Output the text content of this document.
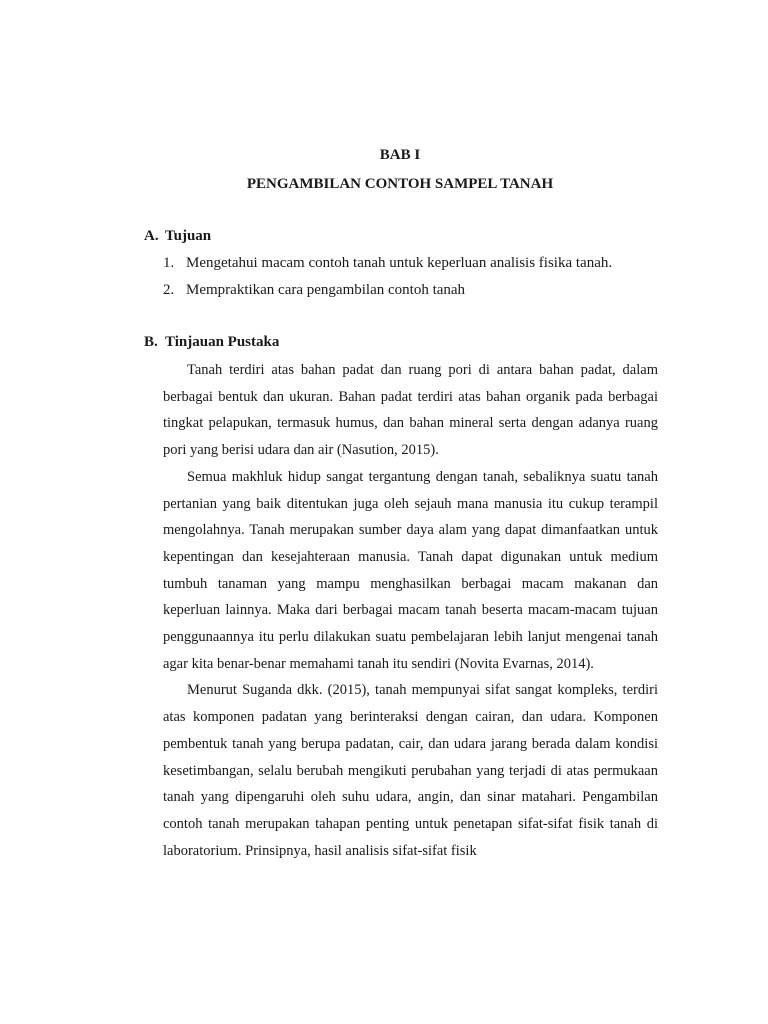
BAB I
PENGAMBILAN CONTOH SAMPEL TANAH
A. Tujuan
1. Mengetahui macam contoh tanah untuk keperluan analisis fisika tanah.
2. Mempraktikan cara pengambilan contoh tanah
B. Tinjauan Pustaka

Tanah terdiri atas bahan padat dan ruang pori di antara bahan padat, dalam berbagai bentuk dan ukuran. Bahan padat terdiri atas bahan organik pada berbagai tingkat pelapukan, termasuk humus, dan bahan mineral serta dengan adanya ruang pori yang berisi udara dan air (Nasution, 2015).

Semua makhluk hidup sangat tergantung dengan tanah, sebaliknya suatu tanah pertanian yang baik ditentukan juga oleh sejauh mana manusia itu cukup terampil mengolahnya. Tanah merupakan sumber daya alam yang dapat dimanfaatkan untuk kepentingan dan kesejahteraan manusia. Tanah dapat digunakan untuk medium tumbuh tanaman yang mampu menghasilkan berbagai macam makanan dan keperluan lainnya. Maka dari berbagai macam tanah beserta macam-macam tujuan penggunaannya itu perlu dilakukan suatu pembelajaran lebih lanjut mengenai tanah agar kita benar-benar memahami tanah itu sendiri (Novita Evarnas, 2014).

Menurut Suganda dkk. (2015), tanah mempunyai sifat sangat kompleks, terdiri atas komponen padatan yang berinteraksi dengan cairan, dan udara. Komponen pembentuk tanah yang berupa padatan, cair, dan udara jarang berada dalam kondisi kesetimbangan, selalu berubah mengikuti perubahan yang terjadi di atas permukaan tanah yang dipengaruhi oleh suhu udara, angin, dan sinar matahari. Pengambilan contoh tanah merupakan tahapan penting untuk penetapan sifat-sifat fisik tanah di laboratorium. Prinsipnya, hasil analisis sifat-sifat fisik
